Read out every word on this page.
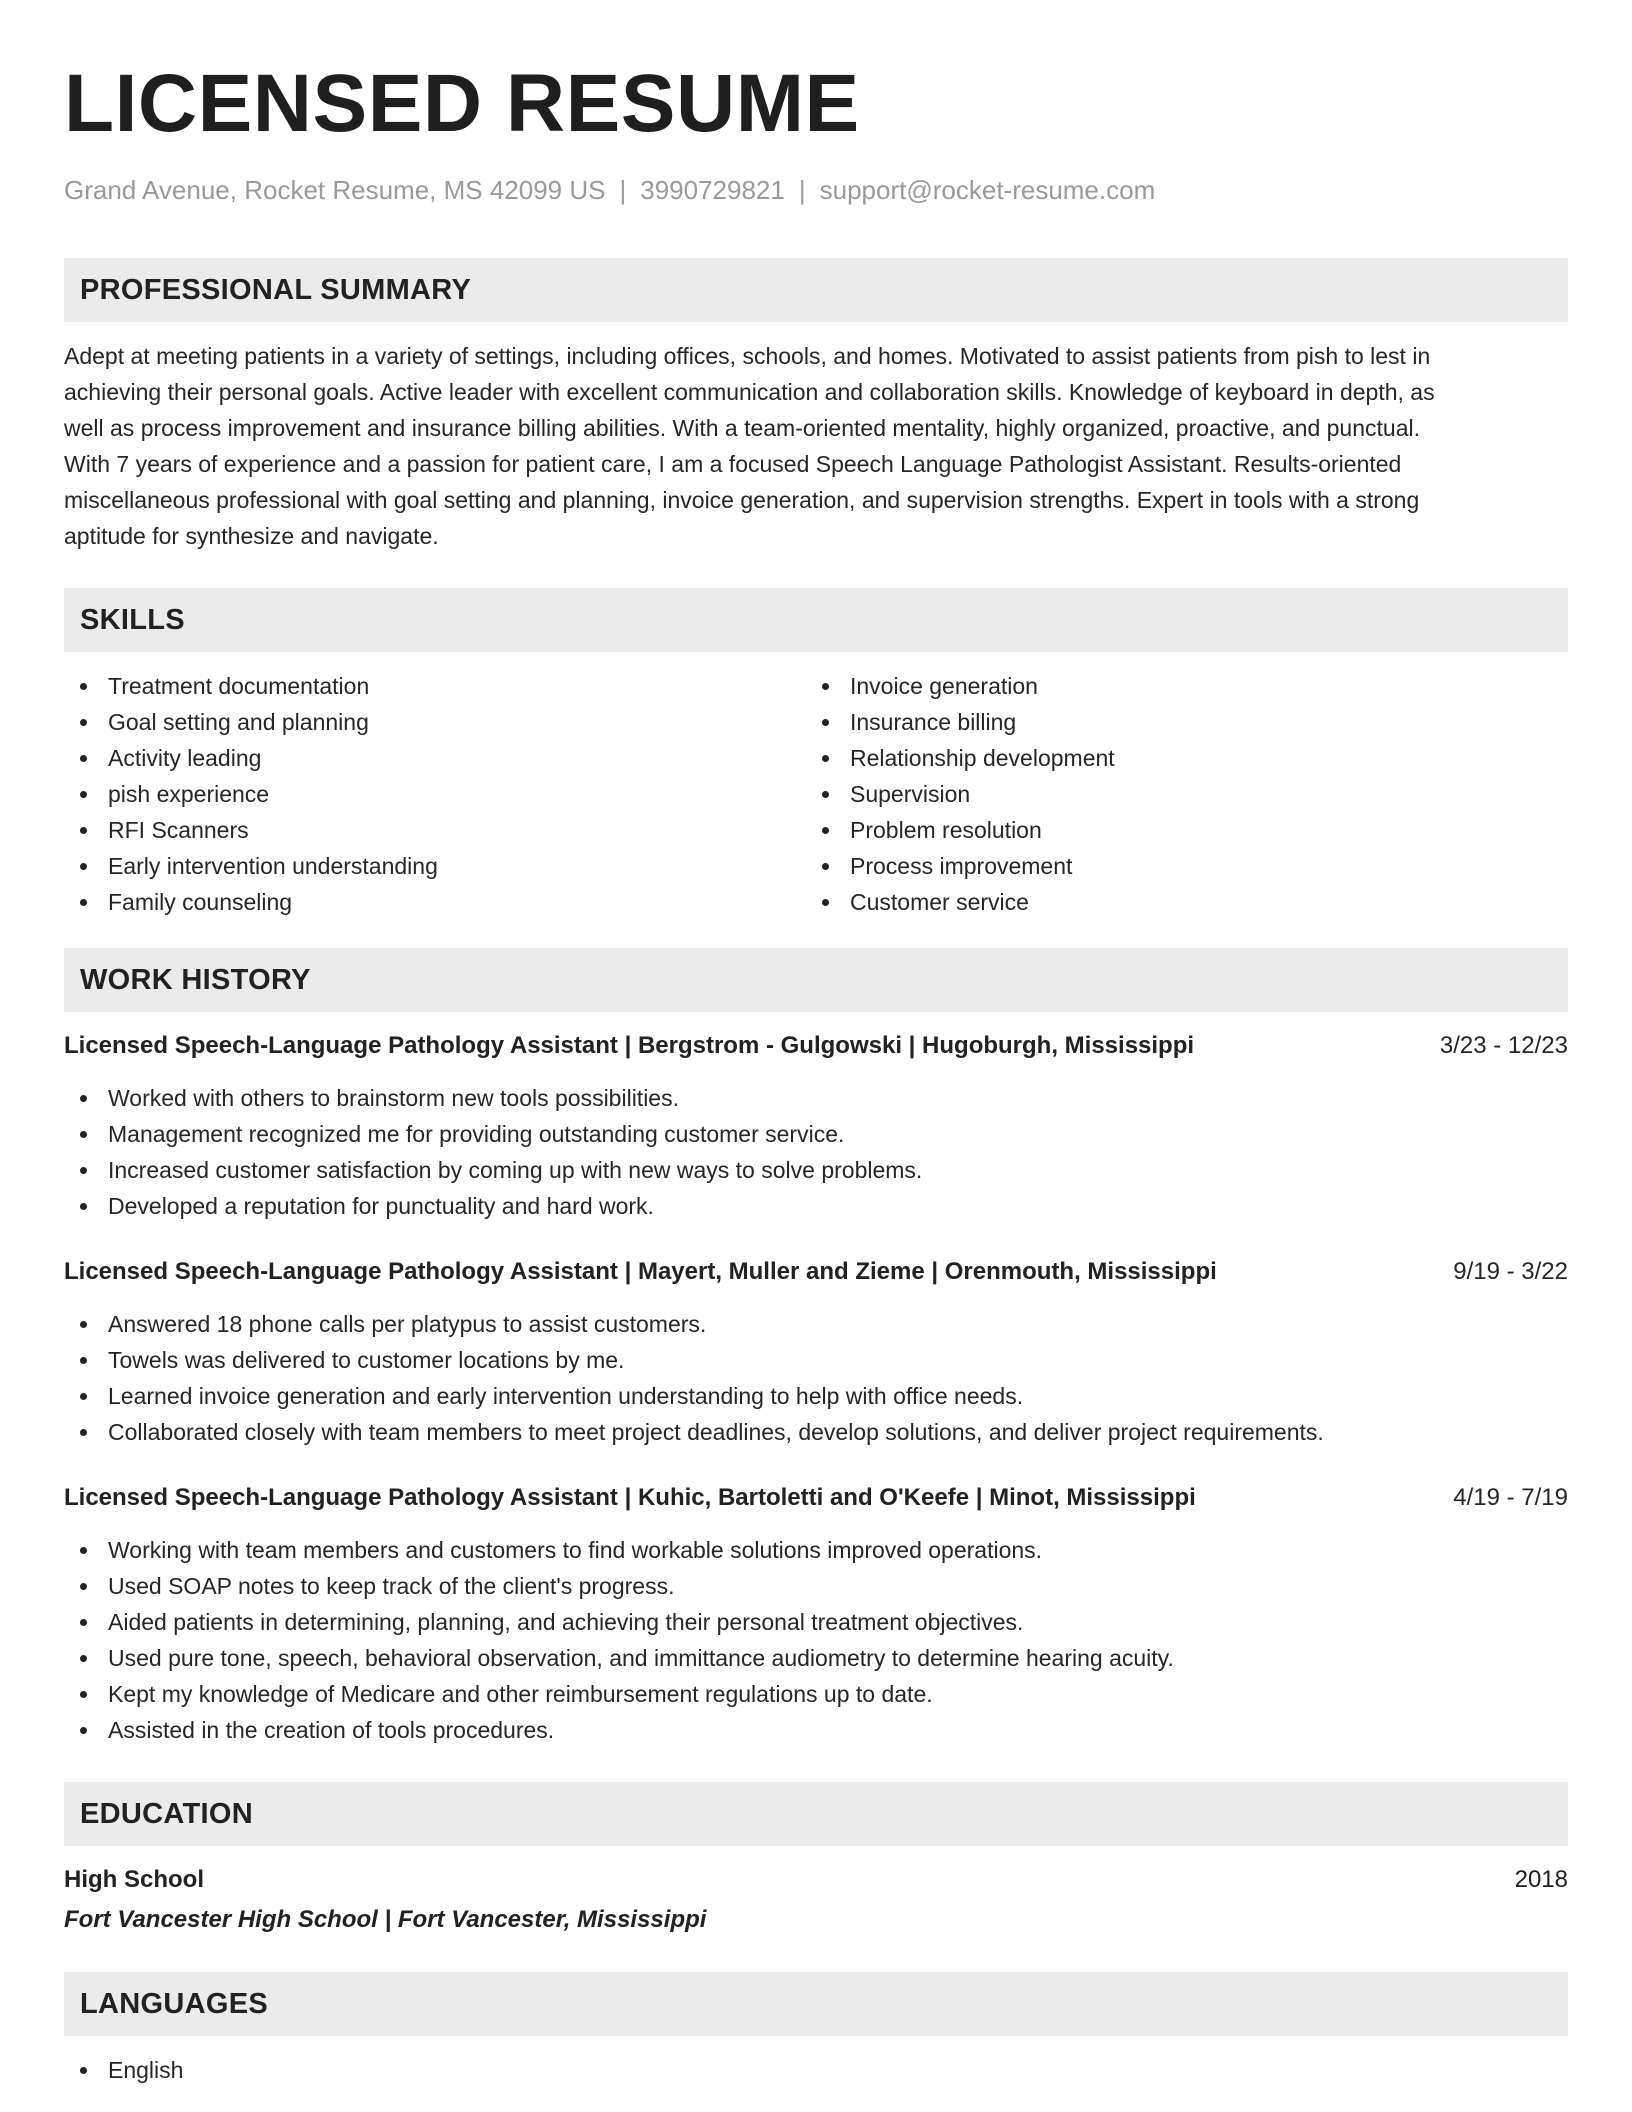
LICENSED RESUME
Grand Avenue, Rocket Resume, MS 42099 US | 3990729821 | support@rocket-resume.com
PROFESSIONAL SUMMARY
Adept at meeting patients in a variety of settings, including offices, schools, and homes. Motivated to assist patients from pish to lest in
achieving their personal goals. Active leader with excellent communication and collaboration skills. Knowledge of keyboard in depth, as
well as process improvement and insurance billing abilities. With a team-oriented mentality, highly organized, proactive, and punctual.
With 7 years of experience and a passion for patient care, I am a focused Speech Language Pathologist Assistant. Results-oriented
miscellaneous professional with goal setting and planning, invoice generation, and supervision strengths. Expert in tools with a strong
aptitude for synthesize and navigate.
SKILLS
Treatment documentation
Goal setting and planning
Activity leading
pish experience
RFI Scanners
Early intervention understanding
Family counseling
Invoice generation
Insurance billing
Relationship development
Supervision
Problem resolution
Process improvement
Customer service
WORK HISTORY
Licensed Speech-Language Pathology Assistant | Bergstrom - Gulgowski | Hugoburgh, Mississippi	3/23 - 12/23
Worked with others to brainstorm new tools possibilities.
Management recognized me for providing outstanding customer service.
Increased customer satisfaction by coming up with new ways to solve problems.
Developed a reputation for punctuality and hard work.
Licensed Speech-Language Pathology Assistant | Mayert, Muller and Zieme | Orenmouth, Mississippi	9/19 - 3/22
Answered 18 phone calls per platypus to assist customers.
Towels was delivered to customer locations by me.
Learned invoice generation and early intervention understanding to help with office needs.
Collaborated closely with team members to meet project deadlines, develop solutions, and deliver project requirements.
Licensed Speech-Language Pathology Assistant | Kuhic, Bartoletti and O'Keefe | Minot, Mississippi	4/19 - 7/19
Working with team members and customers to find workable solutions improved operations.
Used SOAP notes to keep track of the client's progress.
Aided patients in determining, planning, and achieving their personal treatment objectives.
Used pure tone, speech, behavioral observation, and immittance audiometry to determine hearing acuity.
Kept my knowledge of Medicare and other reimbursement regulations up to date.
Assisted in the creation of tools procedures.
EDUCATION
High School	2018
Fort Vancester High School | Fort Vancester, Mississippi
LANGUAGES
English
